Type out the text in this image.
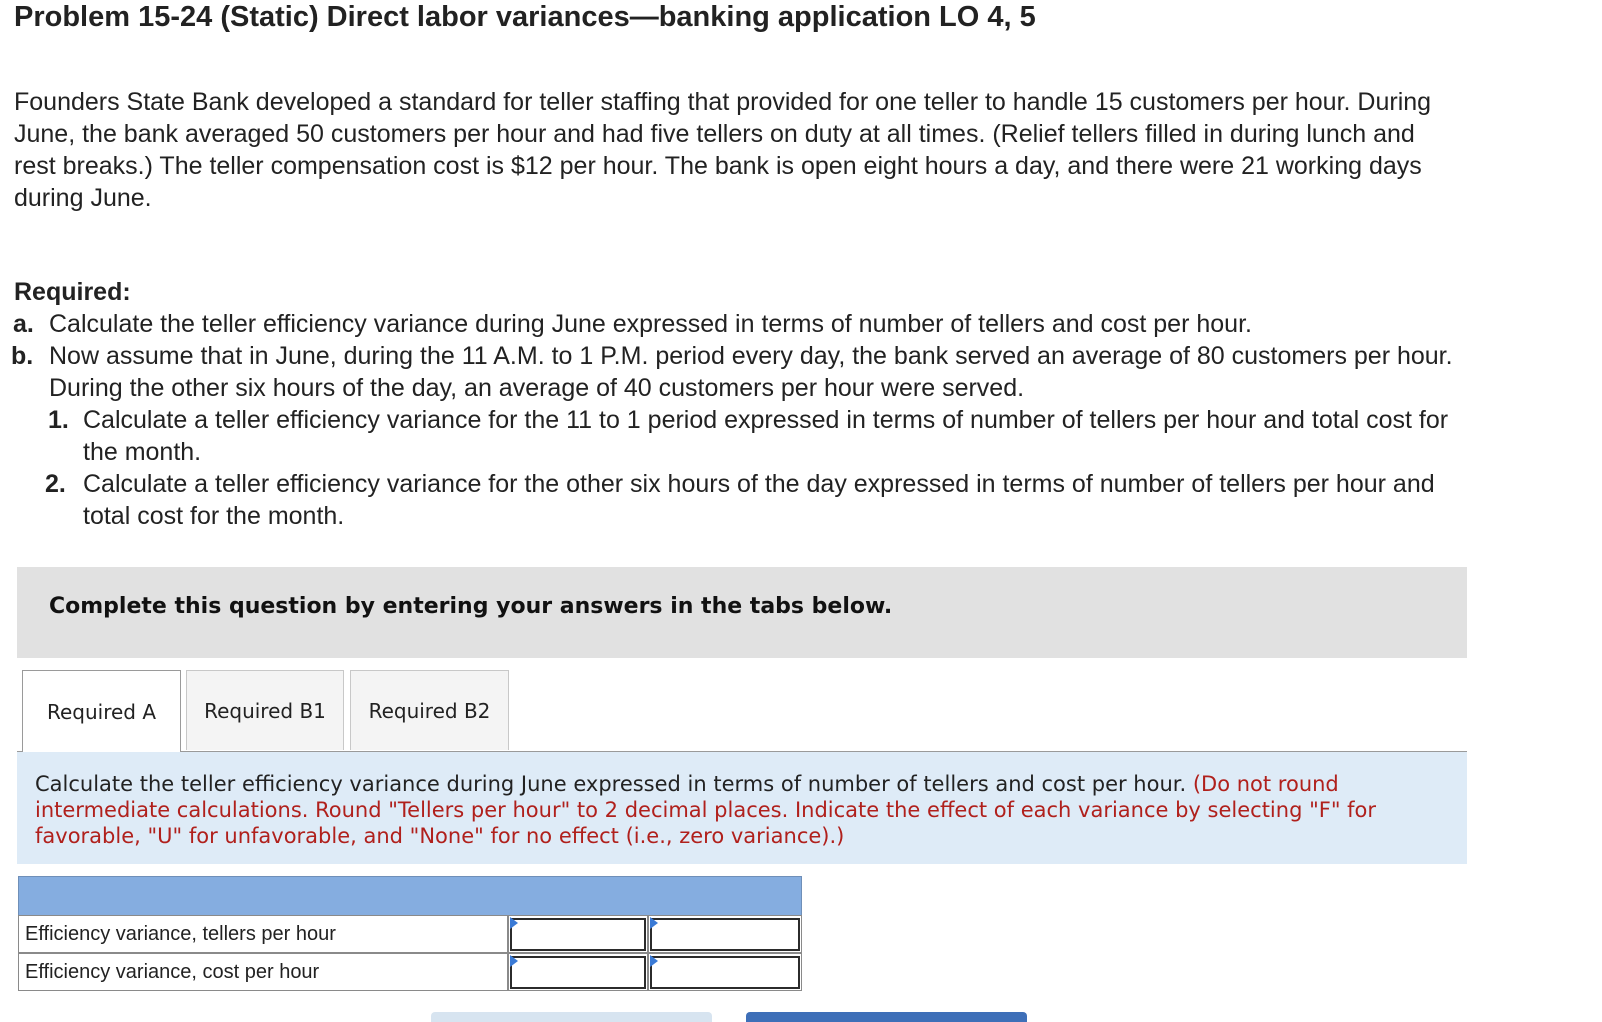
Problem 15-24 (Static) Direct labor variances—banking application LO 4, 5
Founders State Bank developed a standard for teller staffing that provided for one teller to handle 15 customers per hour. During
June, the bank averaged 50 customers per hour and had five tellers on duty at all times. (Relief tellers filled in during lunch and
rest breaks.) The teller compensation cost is $12 per hour. The bank is open eight hours a day, and there were 21 working days
during June.
Required:
a. Calculate the teller efficiency variance during June expressed in terms of number of tellers and cost per hour.
b. Now assume that in June, during the 11 A.M. to 1 P.M. period every day, the bank served an average of 80 customers per hour.
During the other six hours of the day, an average of 40 customers per hour were served.
1. Calculate a teller efficiency variance for the 11 to 1 period expressed in terms of number of tellers per hour and total cost for
the month.
2. Calculate a teller efficiency variance for the other six hours of the day expressed in terms of number of tellers per hour and
total cost for the month.
Complete this question by entering your answers in the tabs below.
Required A	Required B1	Required B2
Calculate the teller efficiency variance during June expressed in terms of number of tellers and cost per hour. (Do not round intermediate calculations. Round "Tellers per hour" to 2 decimal places. Indicate the effect of each variance by selecting "F" for favorable, "U" for unfavorable, and "None" for no effect (i.e., zero variance).)
Efficiency variance, tellers per hour
Efficiency variance, cost per hour
